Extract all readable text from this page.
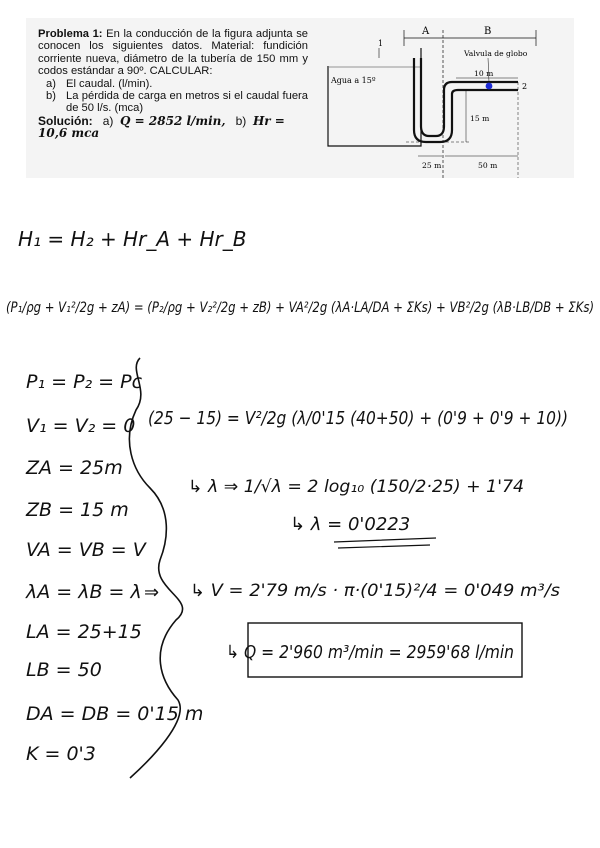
Problema 1: En la conducción de la figura adjunta se conocen los siguientes datos. Material: fundición corriente nueva, diámetro de la tubería de 150 mm y codos estándar a 90º. CALCULAR:

a) El caudal. (l/min).
b) La pérdida de carga en metros si el caudal fuera de 50 l/s. (mca)
Solución: a) Q = 2852 l/min, b) Hr =
10,6 mca
Agua a 15º
1
Valvula de globo
2
A	B
10 m
15 m
25 m	50 m
H₁ = H₂ + Hr_A + Hr_B
(P₁/ρg + V₁²/2g + zA) = (P₂/ρg + V₂²/2g + zB) + VA²/2g (λA·LA/DA + ΣKs) + VB²/2g (λB·LB/DB + ΣKs)
P₁ = P₂ = Pc
V₁ = V₂ = 0
ZA = 25m
ZB = 15 m
VA = VB = V
λA = λB = λ
LA = 25+15
LB = 50
DA = DB = 0'15 m
K = 0'3
⇒
(25 − 15) = V²/2g (λ/0'15 (40+50) + (0'9 + 0'9 + 10))
↳ λ ⇒ 1/√λ = 2 log₁₀ (150/2·25) + 1'74
↳ λ = 0'0223
↳ V = 2'79 m/s · π·(0'15)²/4 = 0'049 m³/s
↳ Q = 2'960 m³/min = 2959'68 l/min
